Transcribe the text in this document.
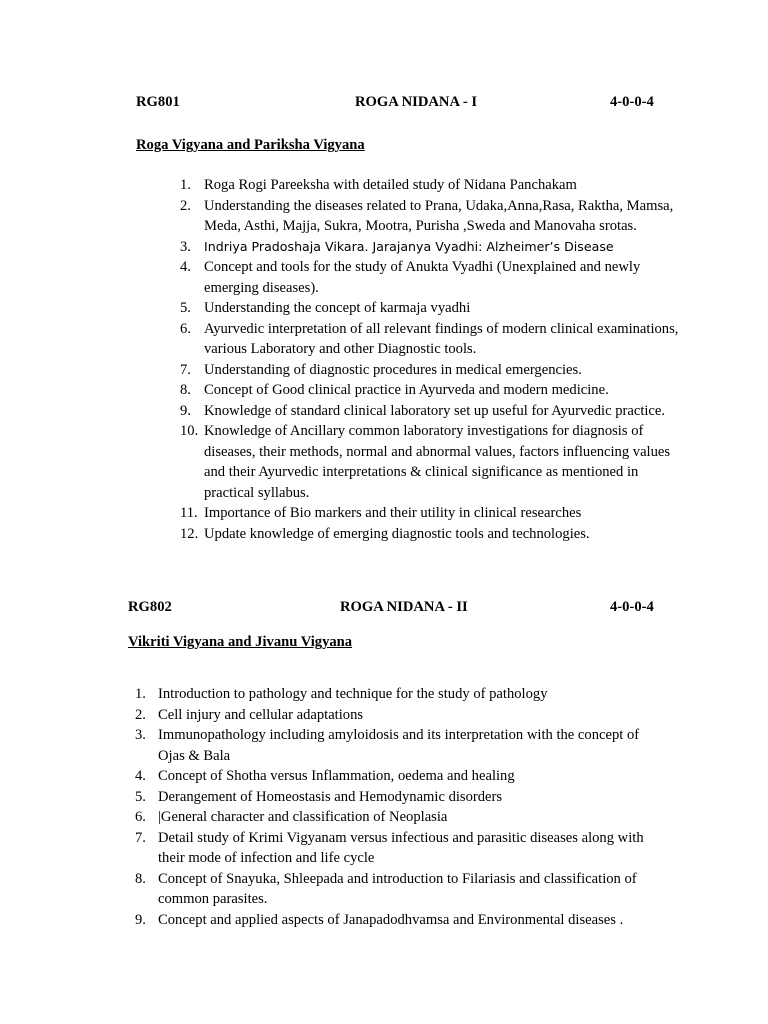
RG801	ROGA NIDANA - I	4-0-0-4
Roga Vigyana and Pariksha Vigyana
1. Roga Rogi Pareeksha with detailed study of Nidana Panchakam
2. Understanding the diseases related to Prana, Udaka,Anna,Rasa, Raktha, Mamsa, Meda, Asthi, Majja, Sukra, Mootra, Purisha ,Sweda and Manovaha srotas.
3. Indriya Pradoshaja Vikara. Jarajanya Vyadhi: Alzheimer’s Disease
4. Concept and tools for the study of Anukta Vyadhi (Unexplained and newly emerging diseases).
5. Understanding the concept of karmaja vyadhi
6. Ayurvedic interpretation of all relevant findings of modern clinical examinations, various Laboratory and other Diagnostic tools.
7. Understanding of diagnostic procedures in medical emergencies.
8. Concept of Good clinical practice in Ayurveda and modern medicine.
9. Knowledge of standard clinical laboratory set up useful for Ayurvedic practice.
10. Knowledge of Ancillary common laboratory investigations for diagnosis of diseases, their methods, normal and abnormal values, factors influencing values and their Ayurvedic interpretations & clinical significance as mentioned in practical syllabus.
11. Importance of Bio markers and their utility in clinical researches
12. Update knowledge of emerging diagnostic tools and technologies.
RG802	ROGA NIDANA - II	4-0-0-4
Vikriti Vigyana and Jivanu Vigyana
1. Introduction to pathology and technique for the study of pathology
2. Cell injury and cellular adaptations
3. Immunopathology including amyloidosis and its interpretation with the concept of Ojas & Bala
4. Concept of Shotha versus Inflammation, oedema and healing
5. Derangement of Homeostasis and Hemodynamic disorders
6. |General character and classification of Neoplasia
7. Detail study of Krimi Vigyanam versus infectious and parasitic diseases along with their mode of infection and life cycle
8. Concept of Snayuka, Shleepada and introduction to Filariasis and classification of common parasites.
9. Concept and applied aspects of Janapadodhvamsa and Environmental diseases .
